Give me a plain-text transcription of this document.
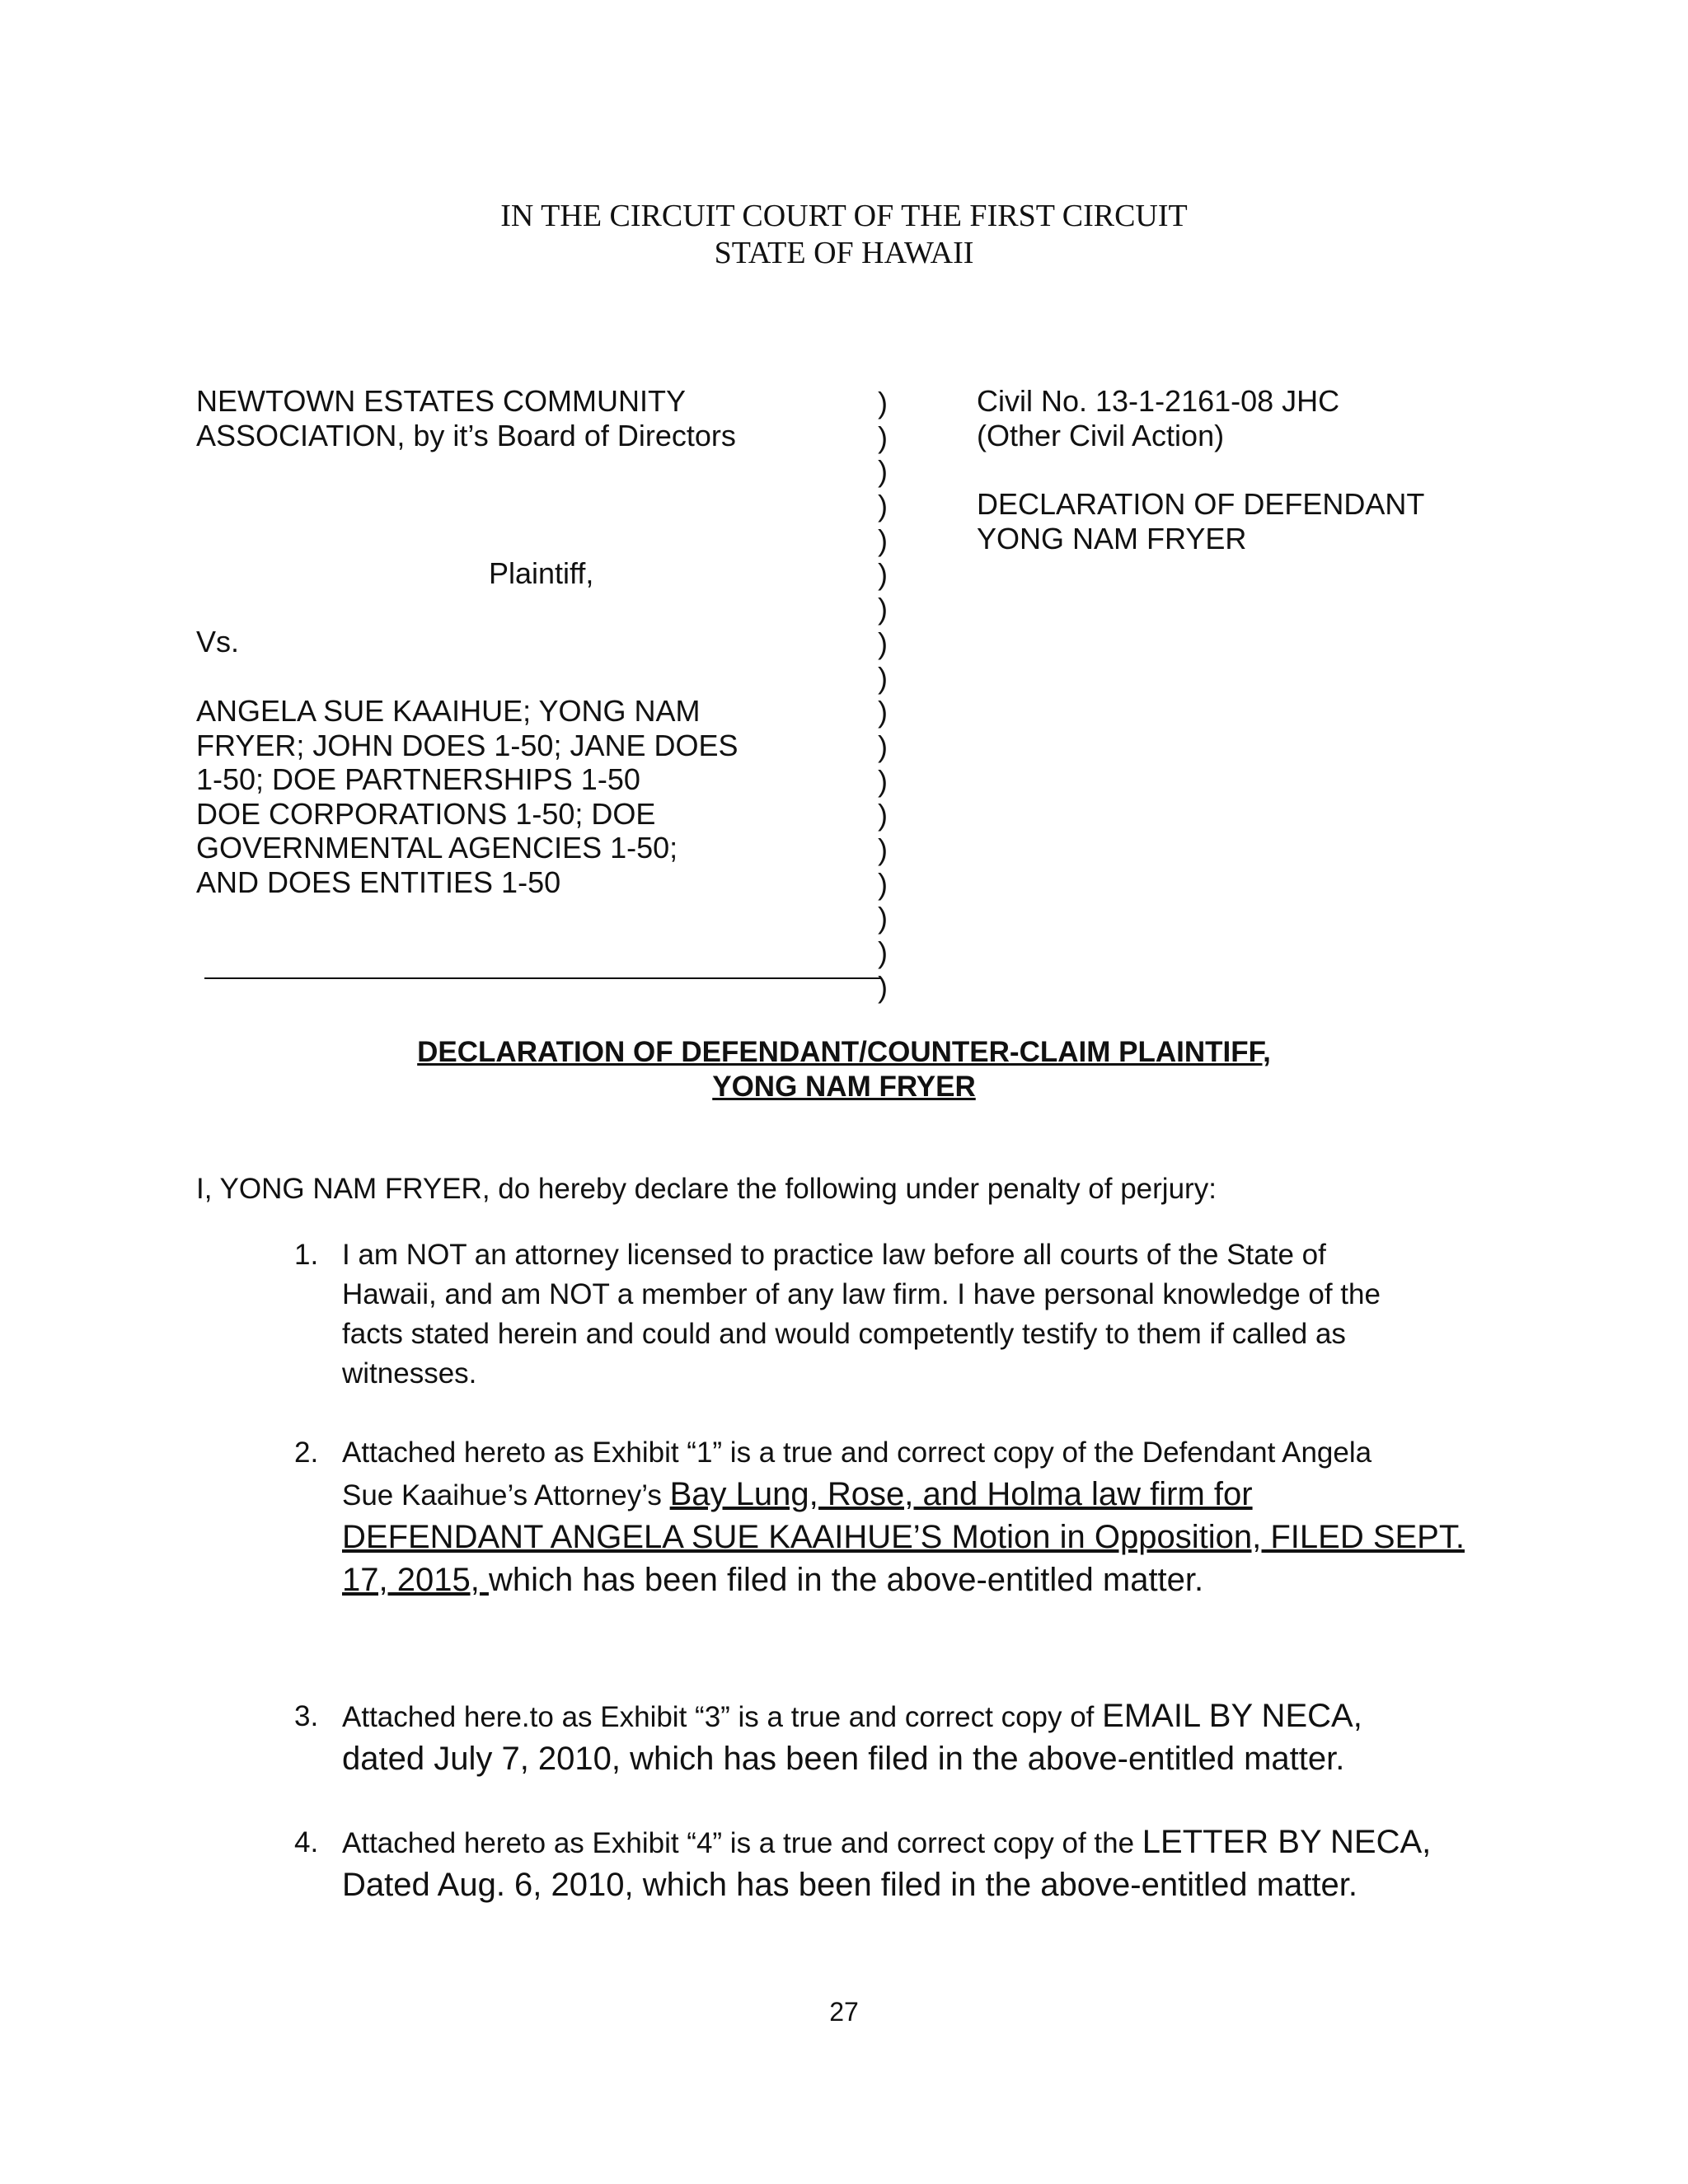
IN THE CIRCUIT COURT OF THE FIRST CIRCUIT
STATE OF HAWAII
NEWTOWN ESTATES COMMUNITY
ASSOCIATION, by it’s Board of Directors
Plaintiff,
Vs.
ANGELA SUE KAAIHUE; YONG NAM
FRYER; JOHN DOES 1-50; JANE DOES
1-50; DOE PARTNERSHIPS 1-50
DOE CORPORATIONS 1-50; DOE
GOVERNMENTAL AGENCIES 1-50;
AND DOES ENTITIES 1-50
)
)
)
)
)
)
)
)
)
)
)
)
)
)
)
)
)
)
Civil No. 13-1-2161-08 JHC
(Other Civil Action)
DECLARATION OF DEFENDANT
YONG NAM FRYER
DECLARATION OF DEFENDANT/COUNTER-CLAIM PLAINTIFF,
YONG NAM FRYER
I, YONG NAM FRYER, do hereby declare the following under penalty of perjury:
1. I am NOT an attorney licensed to practice law before all courts of the State of
Hawaii, and am NOT a member of any law firm. I have personal knowledge of the
facts stated herein and could and would competently testify to them if called as
witnesses.
2. Attached hereto as Exhibit “1” is a true and correct copy of the Defendant Angela
Sue Kaaihue’s Attorney’s Bay Lung, Rose, and Holma law firm for
DEFENDANT ANGELA SUE KAAIHUE’S Motion in Opposition, FILED SEPT.
17, 2015, which has been filed in the above-entitled matter.
3. Attached here.to as Exhibit “3” is a true and correct copy of EMAIL BY NECA,
dated July 7, 2010, which has been filed in the above-entitled matter.
4. Attached hereto as Exhibit “4” is a true and correct copy of the LETTER BY NECA,
Dated Aug. 6, 2010, which has been filed in the above-entitled matter.
27
